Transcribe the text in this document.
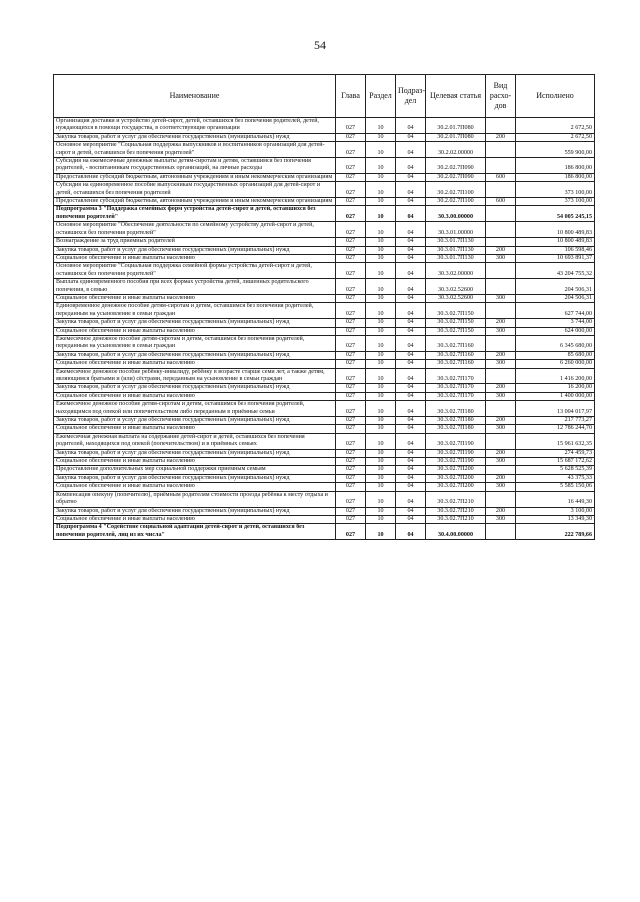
54
Наименование	Глава	Раздел	Подраз-дел	Целевая статья	Вид расхо-дов	Исполнено
Организация доставки и устройство детей-сирот, детей, оставшихся без попечения родителей, детей, нуждающихся в помощи государства, в соответствующие организации	027	10	04	30.2.01.7П080		2 672,50
Закупка товаров, работ и услуг для обеспечения государственных (муниципальных) нужд	027	10	04	30.2.01.7П080	200	2 672,50
Основное мероприятие "Социальная поддержка выпускников и воспитанников организаций для детей-сирот и детей, оставшихся без попечения родителей"	027	10	04	30.2.02.00000		559 900,00
Субсидия на ежемесячные денежные выплаты детям-сиротам и детям, оставшимся без попечения родителей, - воспитанникам государственных организаций, на личные расходы	027	10	04	30.2.02.7П090		186 800,00
Предоставление субсидий бюджетным, автономным учреждениям и иным некоммерческим организациям	027	10	04	30.2.02.7П090	600	186 800,00
Субсидия на единовременное пособие выпускникам государственных организаций для детей-сирот и детей, оставшихся без попечения родителей	027	10	04	30.2.02.7П100		373 100,00
Предоставление субсидий бюджетным, автономным учреждениям и иным некоммерческим организациям	027	10	04	30.2.02.7П100	600	373 100,00
Подпрограмма 3 "Поддержка семейных форм устройства детей-сирот и детей, оставшихся без попечения родителей"	027	10	04	30.3.00.00000		54 005 245,15
Основное мероприятие "Обеспечение деятельности по семейному устройству детей-сирот и детей, оставшихся без попечения родителей"	027	10	04	30.3.01.00000		10 800 489,83
Вознаграждение за труд приемных родителей	027	10	04	30.3.01.7П130		10 800 489,83
Закупка товаров, работ и услуг для обеспечения государственных (муниципальных) нужд	027	10	04	30.3.01.7П130	200	106 598,46
Социальное обеспечение и иные выплаты населению	027	10	04	30.3.01.7П130	300	10 693 891,37
Основное мероприятие "Социальная поддержка семейной формы устройства детей-сирот и детей, оставшихся без попечения родителей"	027	10	04	30.3.02.00000		43 204 755,32
Выплата единовременного пособия при всех формах устройства детей, лишенных родительского попечения, в семью	027	10	04	30.3.02.52600		204 506,31
Социальное обеспечение и иные выплаты населению	027	10	04	30.3.02.52600	300	204 506,31
Единовременное денежное пособие детям-сиротам и детям, оставшимся без попечения родителей, переданным на усыновление в семьи граждан	027	10	04	30.3.02.7П150		627 744,00
Закупка товаров, работ и услуг для обеспечения государственных (муниципальных) нужд	027	10	04	30.3.02.7П150	200	3 744,00
Социальное обеспечение и иные выплаты населению	027	10	04	30.3.02.7П150	300	624 000,00
Ежемесячное денежное пособие детям-сиротам и детям, оставшимся без попечения родителей, переданным на усыновление в семьи граждан	027	10	04	30.3.02.7П160		6 345 680,00
Закупка товаров, работ и услуг для обеспечения государственных (муниципальных) нужд	027	10	04	30.3.02.7П160	200	85 680,00
Социальное обеспечение и иные выплаты населению	027	10	04	30.3.02.7П160	300	6 260 000,00
Ежемесячное денежное пособие ребёнку-инвалиду, ребёнку в возрасте старше семи лет, а также детям, являющимся братьями и (или) сёстрами, переданным на усыновление в семьи граждан	027	10	04	30.3.02.7П170		1 416 200,00
Закупка товаров, работ и услуг для обеспечения государственных (муниципальных) нужд	027	10	04	30.3.02.7П170	200	16 200,00
Социальное обеспечение и иные выплаты населению	027	10	04	30.3.02.7П170	300	1 400 000,00
Ежемесячное денежное пособие детям-сиротам и детям, оставшимся без попечения родителей, находящимся под опекой или попечительством либо переданным в приёмные семьи	027	10	04	30.3.02.7П180		13 004 017,97
Закупка товаров, работ и услуг для обеспечения государственных (муниципальных) нужд	027	10	04	30.3.02.7П180	200	217 773,27
Социальное обеспечение и иные выплаты населению	027	10	04	30.3.02.7П180	300	12 786 244,70
Ежемесячная денежная выплата на содержание детей-сирот и детей, оставшихся без попечения родителей, находящихся под опекой (попечительством) и в приёмных семьях	027	10	04	30.3.02.7П190		15 961 632,35
Закупка товаров, работ и услуг для обеспечения государственных (муниципальных) нужд	027	10	04	30.3.02.7П190	200	274 459,73
Социальное обеспечение и иные выплаты населению	027	10	04	30.3.02.7П190	300	15 687 172,62
Предоставление дополнительных мер социальной поддержки приемным семьям	027	10	04	30.3.02.7П200		5 628 525,39
Закупка товаров, работ и услуг для обеспечения государственных (муниципальных) нужд	027	10	04	30.3.02.7П200	200	43 375,33
Социальное обеспечение и иные выплаты населению	027	10	04	30.3.02.7П200	300	5 585 150,06
Компенсация опекуну (попечителю), приёмным родителям стоимости проезда ребёнка к месту отдыха и обратно	027	10	04	30.3.02.7П210		16 449,30
Закупка товаров, работ и услуг для обеспечения государственных (муниципальных) нужд	027	10	04	30.3.02.7П210	200	3 100,00
Социальное обеспечение и иные выплаты населению	027	10	04	30.3.02.7П210	300	13 349,30
Подпрограмма 4 "Содействие социальной адаптации детей-сирот и детей, оставшихся без попечения родителей, лиц из их числа"	027	10	04	30.4.00.00000		222 789,66
